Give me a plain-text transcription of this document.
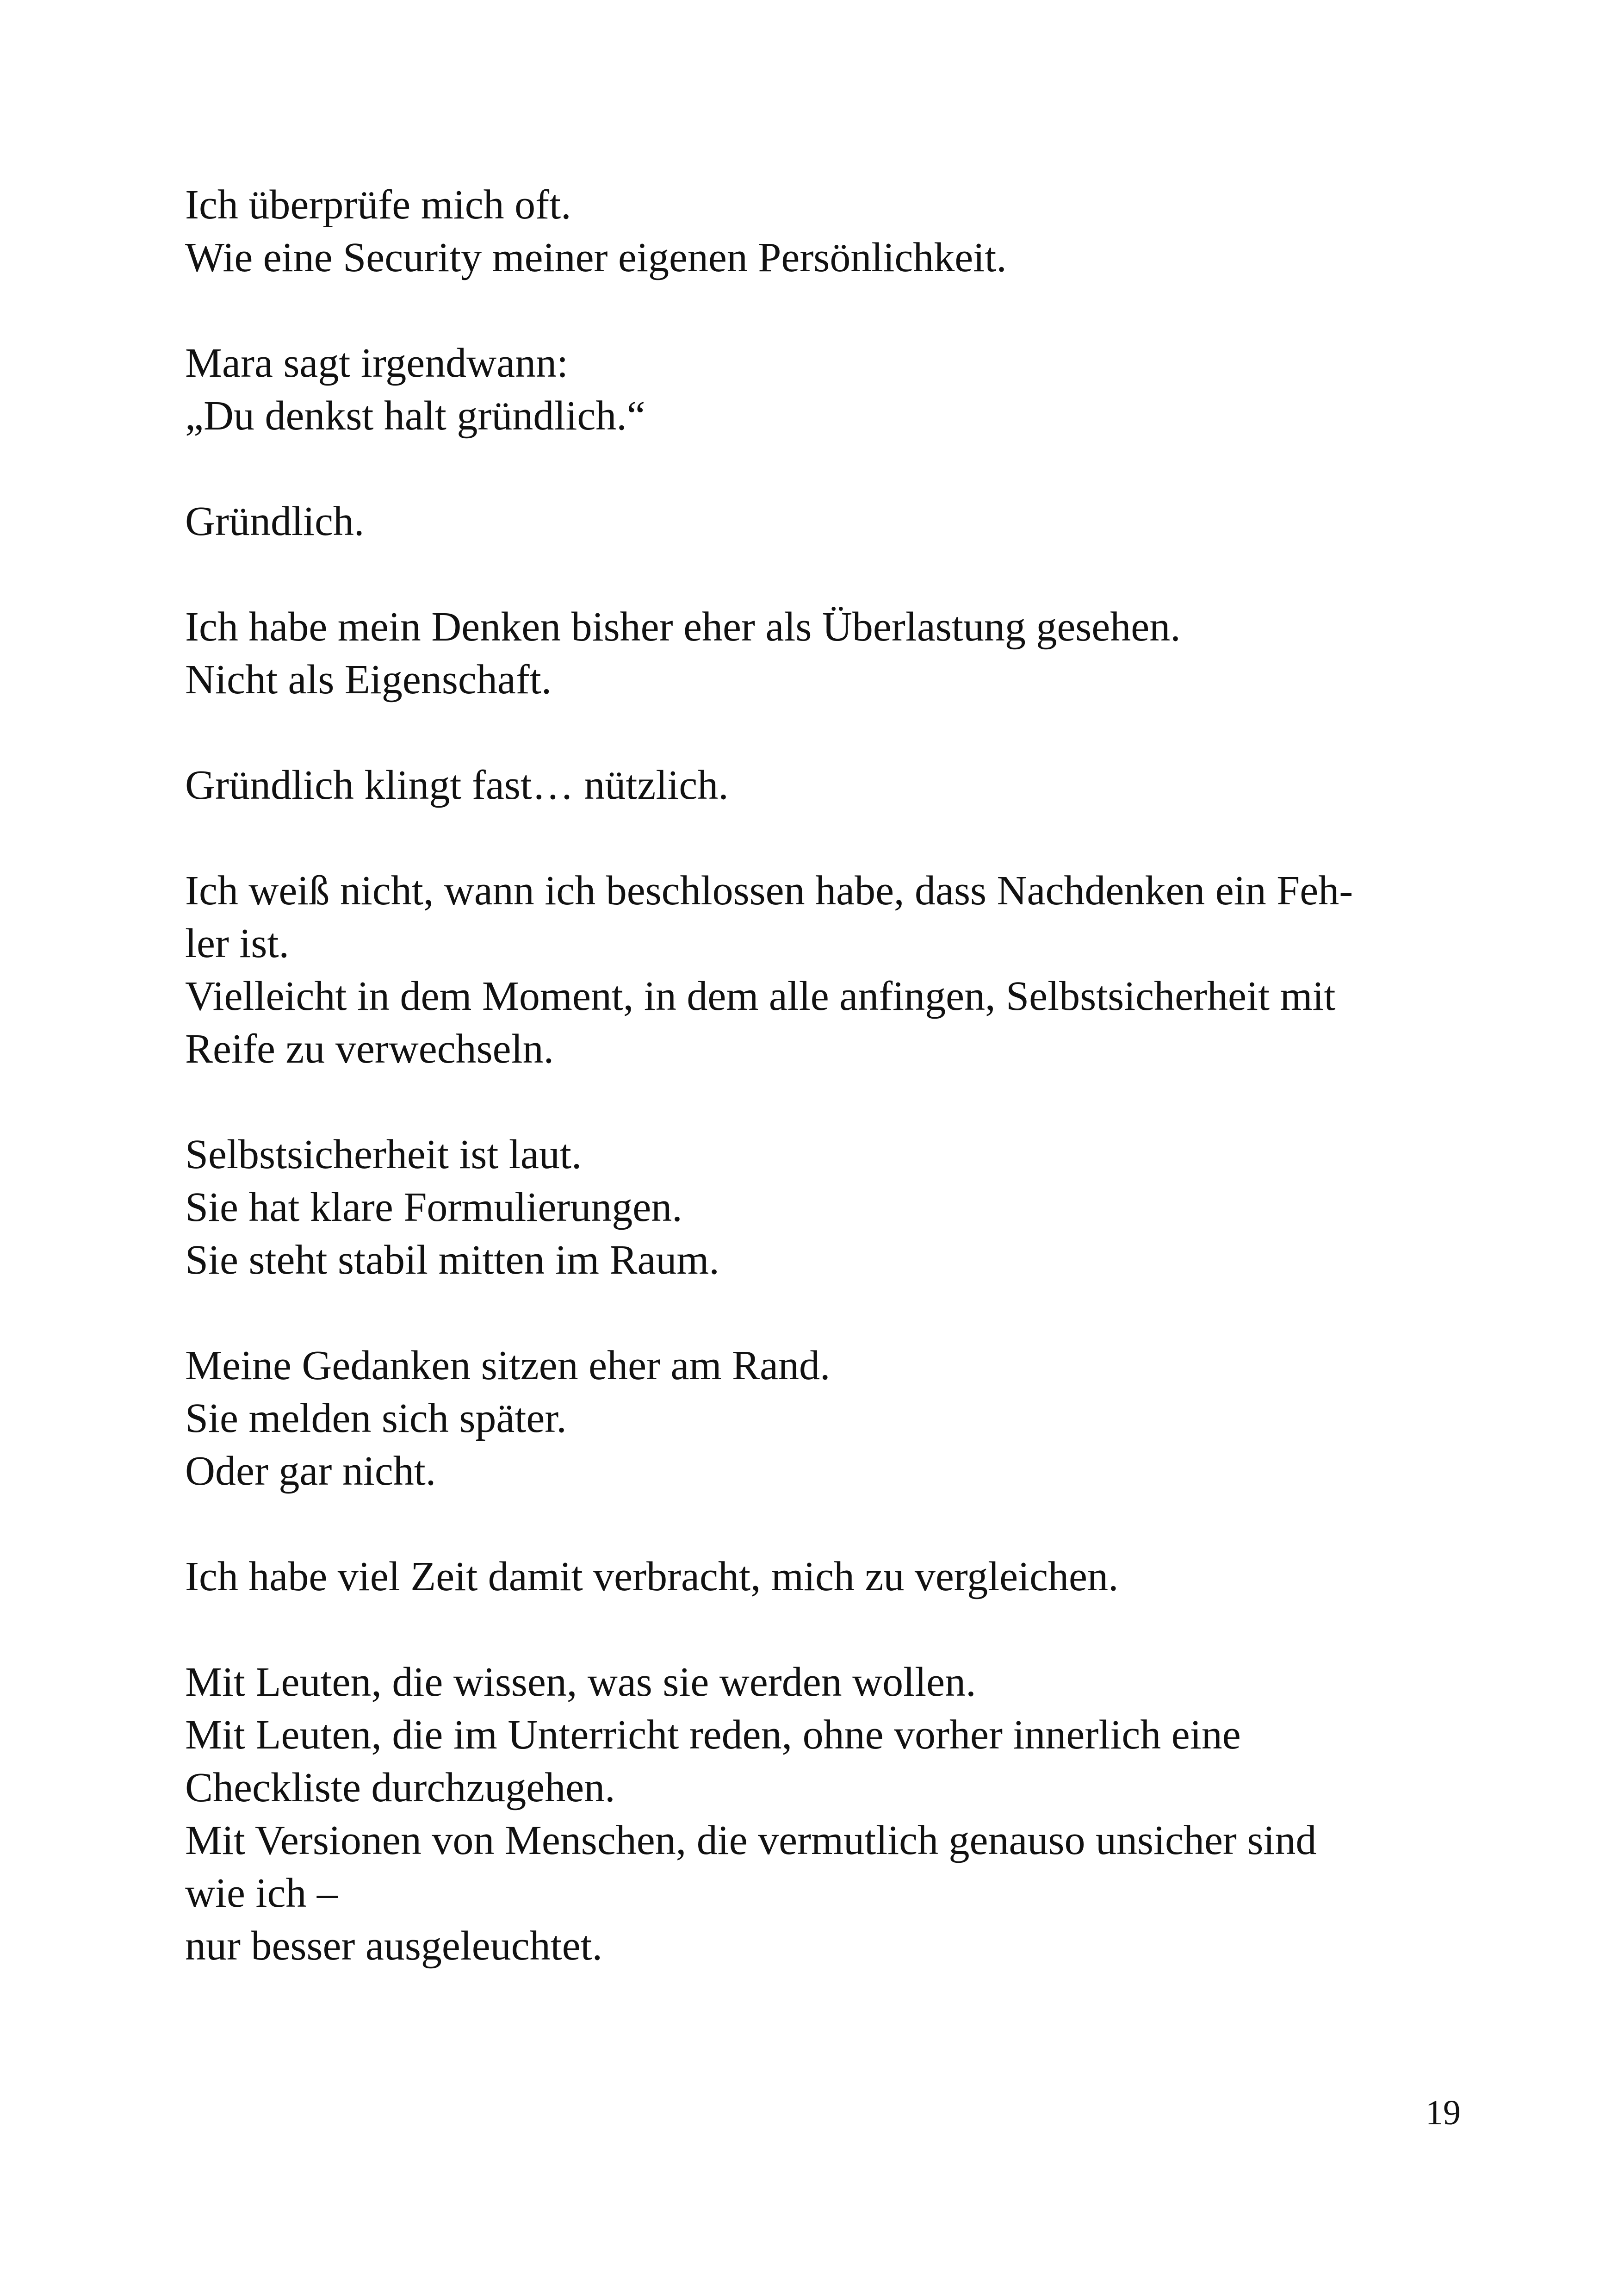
Ich überprüfe mich oft.
Wie eine Security meiner eigenen Persönlichkeit.

Mara sagt irgendwann:
„Du denkst halt gründlich.“

Gründlich.

Ich habe mein Denken bisher eher als Überlastung gesehen.
Nicht als Eigenschaft.

Gründlich klingt fast… nützlich.

Ich weiß nicht, wann ich beschlossen habe, dass Nachdenken ein Feh-
ler ist.
Vielleicht in dem Moment, in dem alle anfingen, Selbstsicherheit mit
Reife zu verwechseln.

Selbstsicherheit ist laut.
Sie hat klare Formulierungen.
Sie steht stabil mitten im Raum.

Meine Gedanken sitzen eher am Rand.
Sie melden sich später.
Oder gar nicht.

Ich habe viel Zeit damit verbracht, mich zu vergleichen.

Mit Leuten, die wissen, was sie werden wollen.
Mit Leuten, die im Unterricht reden, ohne vorher innerlich eine
Checkliste durchzugehen.
Mit Versionen von Menschen, die vermutlich genauso unsicher sind
wie ich –
nur besser ausgeleuchtet.

19
